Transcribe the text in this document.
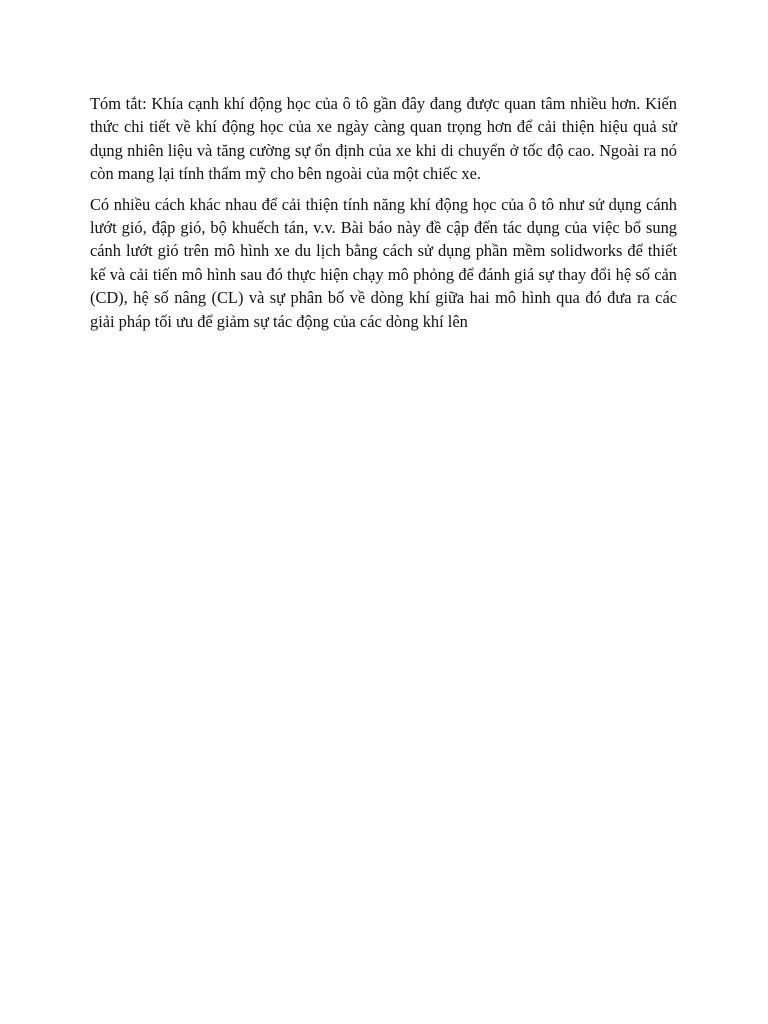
Tóm tắt: Khía cạnh khí động học của ô tô gần đây đang được quan tâm nhiều hơn. Kiến thức chi tiết về khí động học của xe ngày càng quan trọng hơn để cải thiện hiệu quả sử dụng nhiên liệu và tăng cường sự ổn định của xe khi di chuyển ở tốc độ cao. Ngoài ra nó còn mang lại tính thẩm mỹ cho bên ngoài của một chiếc xe.

Có nhiều cách khác nhau để cải thiện tính năng khí động học của ô tô như sử dụng cánh lướt gió, đập gió, bộ khuếch tán, v.v. Bài báo này đề cập đến tác dụng của việc bổ sung cánh lướt gió trên mô hình xe du lịch bằng cách sử dụng phần mềm solidworks để thiết kế và cải tiến mô hình sau đó thực hiện chạy mô phỏng để đánh giá sự thay đổi hệ số cản (CD), hệ số nâng (CL) và sự phân bố về dòng khí giữa hai mô hình qua đó đưa ra các giải pháp tối ưu để giảm sự tác động của các dòng khí lên
